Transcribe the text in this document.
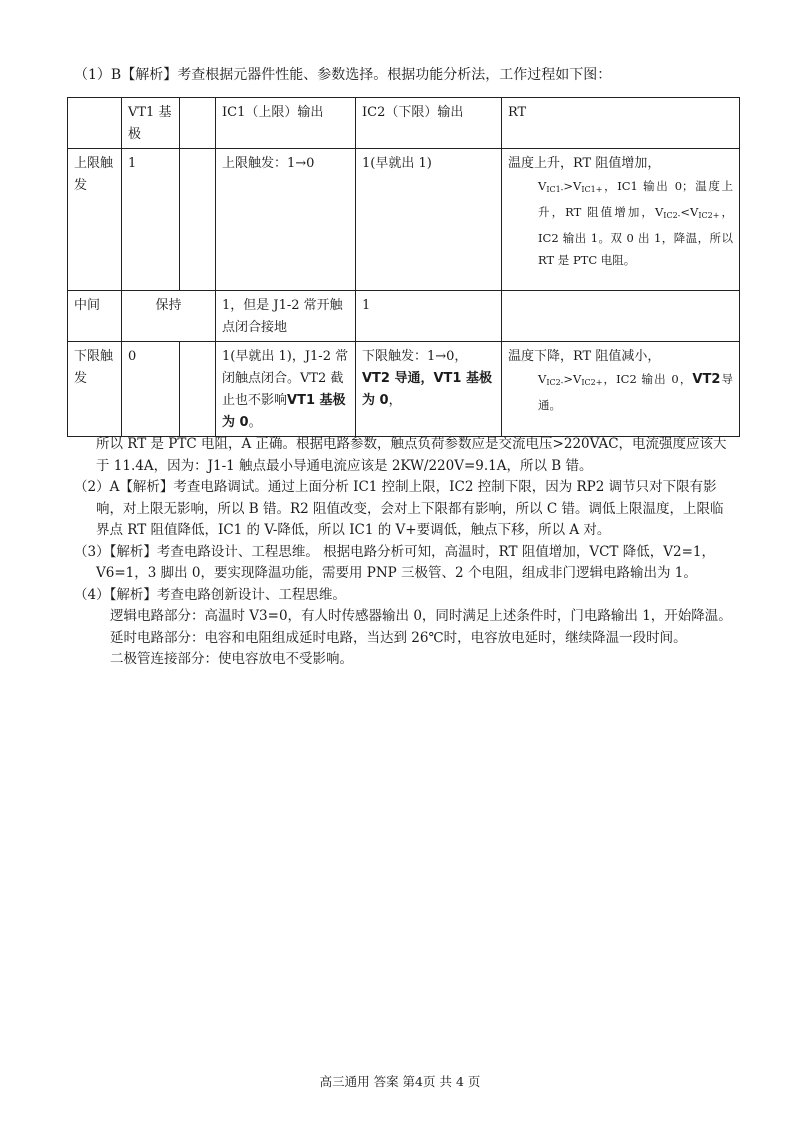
（1）B【解析】考查根据元器件性能、参数选择。根据功能分析法，工作过程如下图：
	VT1 基极		IC1（上限）输出	IC2（下限）输出	RT
上限触发	1		上限触发：1→0	1(早就出 1)	温度上升，RT 阻值增加，
$V_{IC1-}>V_{IC1+}$，IC1 输出 0；温度上升，RT 阻值增加，$V_{IC2-}<V_{IC2+}$，IC2 输出 1。双 0 出 1，降温，所以 RT 是 PTC 电阻。

中间	保持		1，但是 J1-2 常开触点闭合接地	1	
下限触发	0		1(早就出 1)，J1-2 常闭触点闭合。VT2 截止也不影响VT1 基极为 0。	下限触发：1→0，VT2 导通，VT1 基极为 0，	温度下降，RT 阻值减小，
$V_{IC2-}>V_{IC2+}$，IC2 输出 0，VT2导通。

所以 RT 是 PTC 电阻，A 正确。根据电路参数，触点负荷参数应是交流电压>220VAC，电流强度应该大于 11.4A，因为：J1-1 触点最小导通电流应该是 2KW/220V=9.1A，所以 B 错。

（2）A【解析】考查电路调试。通过上面分析 IC1 控制上限，IC2 控制下限，因为 RP2 调节只对下限有影响，对上限无影响，所以 B 错。R2 阻值改变，会对上下限都有影响，所以 C 错。调低上限温度，上限临界点 RT 阻值降低，IC1 的 V-降低，所以 IC1 的 V+要调低，触点下移，所以 A 对。

（3）【解析】考查电路设计、工程思维。 根据电路分析可知，高温时，RT 阻值增加，VCT 降低，V2=1，V6=1，3 脚出 0，要实现降温功能，需要用 PNP 三极管、2 个电阻，组成非门逻辑电路输出为 1。

（4）【解析】考查电路创新设计、工程思维。

逻辑电路部分：高温时 V3=0，有人时传感器输出 0，同时满足上述条件时，门电路输出 1，开始降温。

延时电路部分：电容和电阻组成延时电路，当达到 26℃时，电容放电延时，继续降温一段时间。

二极管连接部分：使电容放电不受影响。

高三通用 答案 第4页 共 4 页
